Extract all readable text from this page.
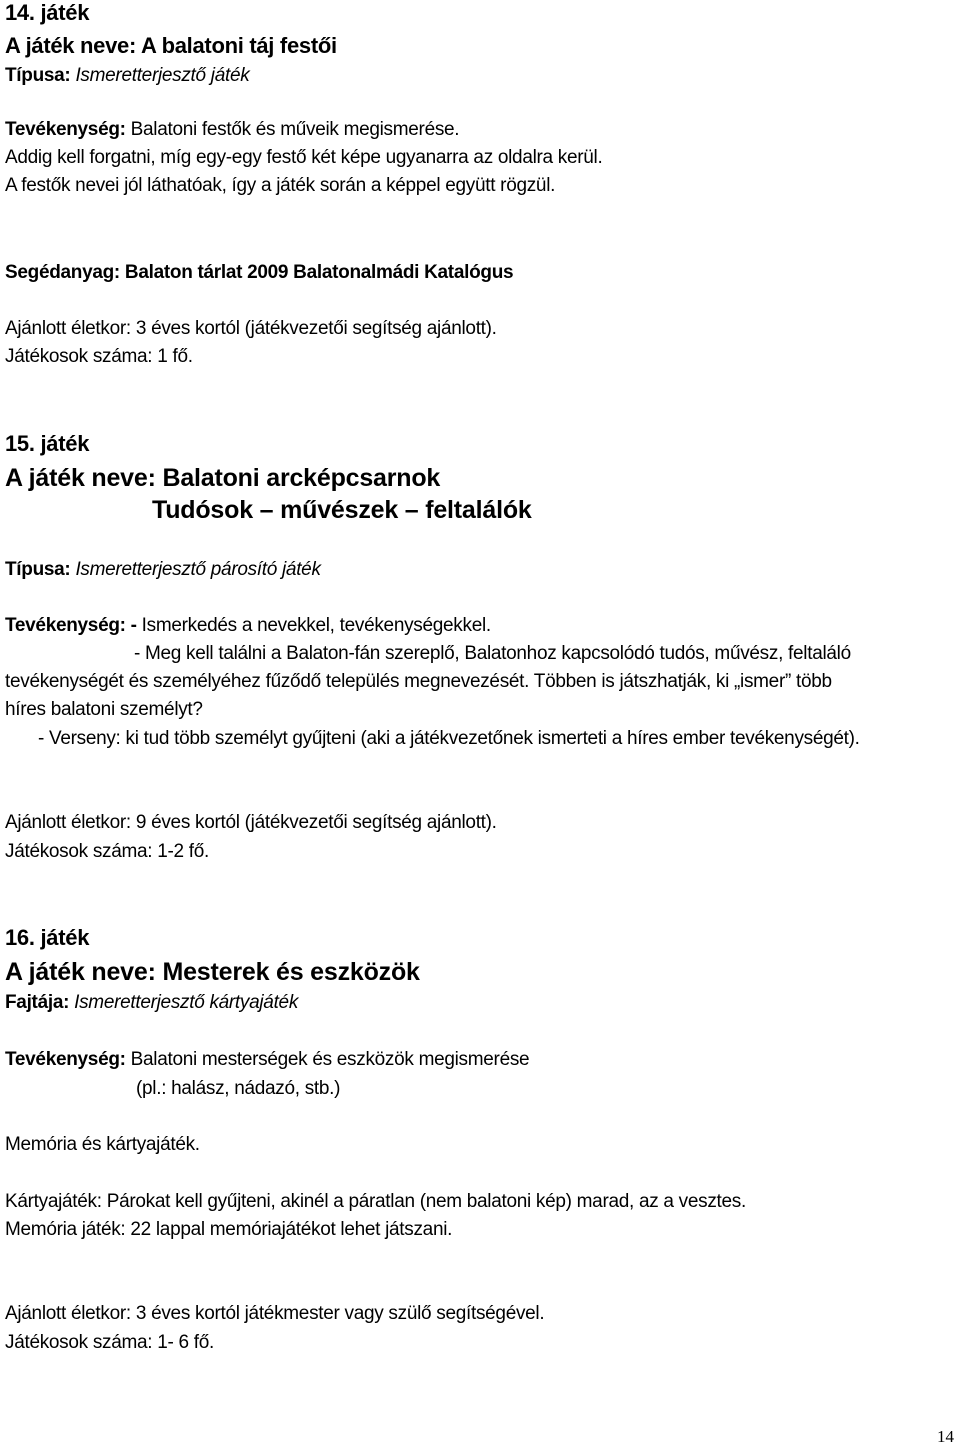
14. játék
A játék neve: A balatoni táj festői
Típusa: Ismeretterjesztő játék
Tevékenység: Balatoni festők és műveik megismerése.
Addig kell forgatni, míg egy-egy festő két képe ugyanarra az oldalra kerül.
A festők nevei jól láthatóak, így a játék során a képpel együtt rögzül.
Segédanyag: Balaton tárlat 2009 Balatonalmádi Katalógus
Ajánlott életkor: 3 éves kortól (játékvezetői segítség ajánlott).
Játékosok száma: 1 fő.
15. játék
A játék neve: Balatoni arcképcsarnok
Tudósok – művészek – feltalálók
Típusa: Ismeretterjesztő párosító játék
Tevékenység: - Ismerkedés a nevekkel, tevékenységekkel.
- Meg kell találni a Balaton-fán szereplő, Balatonhoz kapcsolódó tudós, művész, feltaláló
tevékenységét és személyéhez fűződő település megnevezését. Többen is játszhatják, ki „ismer” több
híres balatoni személyt?
- Verseny: ki tud több személyt gyűjteni (aki a játékvezetőnek ismerteti a híres ember tevékenységét).
Ajánlott életkor: 9 éves kortól (játékvezetői segítség ajánlott).
Játékosok száma: 1-2 fő.
16. játék
A játék neve: Mesterek és eszközök
Fajtája: Ismeretterjesztő kártyajáték
Tevékenység: Balatoni mesterségek és eszközök megismerése
(pl.: halász, nádazó, stb.)
Memória és kártyajáték.
Kártyajáték: Párokat kell gyűjteni, akinél a páratlan (nem balatoni kép) marad, az a vesztes.
Memória játék: 22 lappal memóriajátékot lehet játszani.
Ajánlott életkor: 3 éves kortól játékmester vagy szülő segítségével.
Játékosok száma: 1- 6 fő.
14
